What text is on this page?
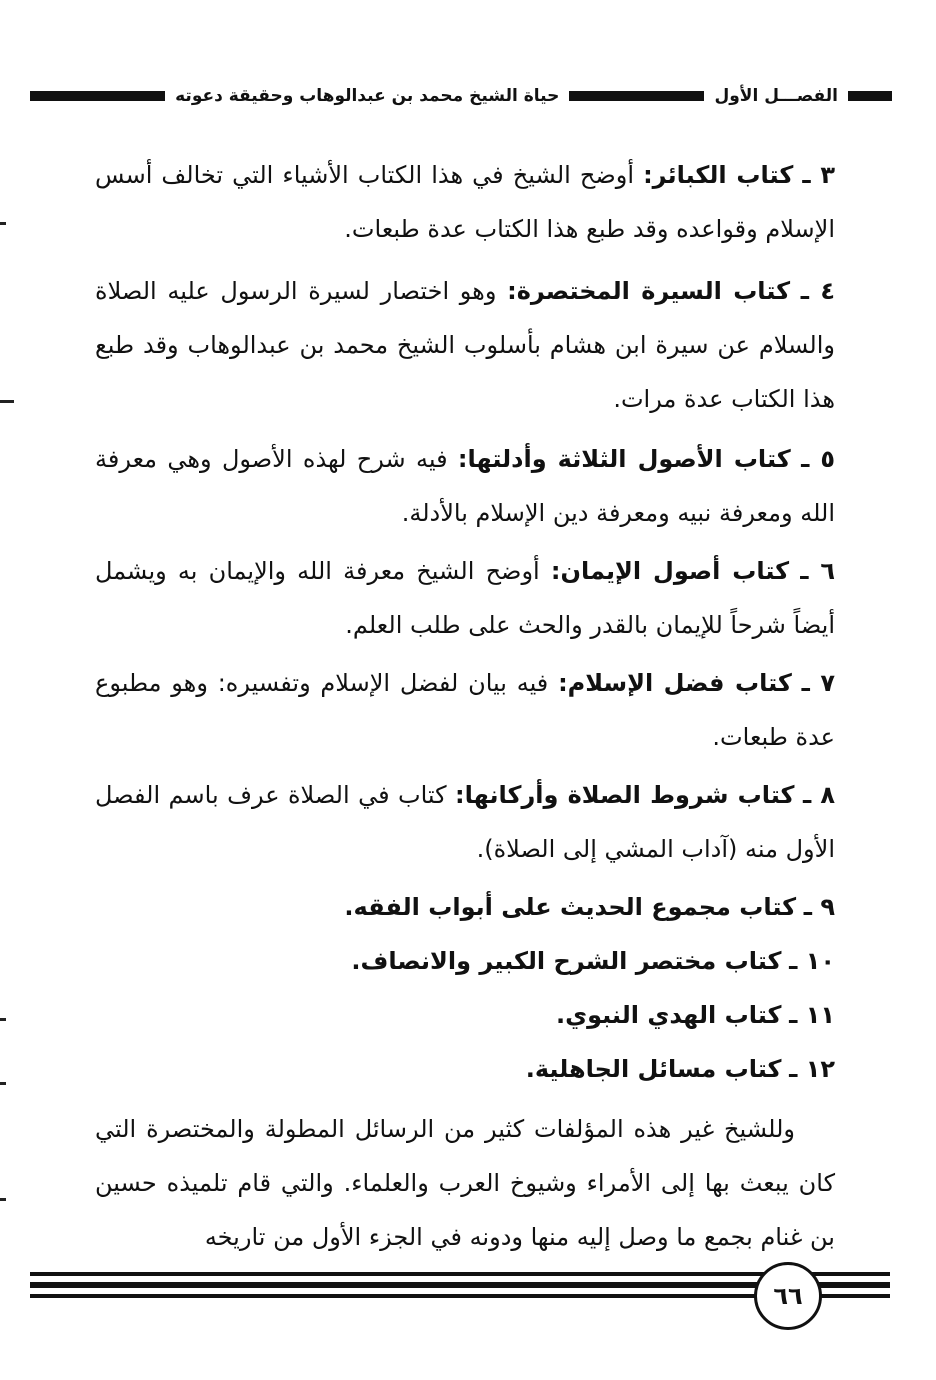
الفصـــل الأول
حياة الشيخ محمد بن عبدالوهاب وحقيقة دعوته

٣ ـ كتاب الكبائر: أوضح الشيخ في هذا الكتاب الأشياء التي تخالف أسس الإسلام وقواعده وقد طبع هذا الكتاب عدة طبعات.

٤ ـ كتاب السيرة المختصرة: وهو اختصار لسيرة الرسول عليه الصلاة والسلام عن سيرة ابن هشام بأسلوب الشيخ محمد بن عبدالوهاب وقد طبع هذا الكتاب عدة مرات.

٥ ـ كتاب الأصول الثلاثة وأدلتها: فيه شرح لهذه الأصول وهي معرفة الله ومعرفة نبيه ومعرفة دين الإسلام بالأدلة.

٦ ـ كتاب أصول الإيمان: أوضح الشيخ معرفة الله والإيمان به ويشمل أيضاً شرحاً للإيمان بالقدر والحث على طلب العلم.

٧ ـ كتاب فضل الإسلام: فيه بيان لفضل الإسلام وتفسيره: وهو مطبوع عدة طبعات.

٨ ـ كتاب شروط الصلاة وأركانها: كتاب في الصلاة عرف باسم الفصل الأول منه (آداب المشي إلى الصلاة).

٩ ـ كتاب مجموع الحديث على أبواب الفقه.

١٠ ـ كتاب مختصر الشرح الكبير والانصاف.

١١ ـ كتاب الهدي النبوي.

١٢ ـ كتاب مسائل الجاهلية.

وللشيخ غير هذه المؤلفات كثير من الرسائل المطولة والمختصرة التي كان يبعث بها إلى الأمراء وشيوخ العرب والعلماء. والتي قام تلميذه حسين بن غنام بجمع ما وصل إليه منها ودونه في الجزء الأول من تاريخه

٦٦
